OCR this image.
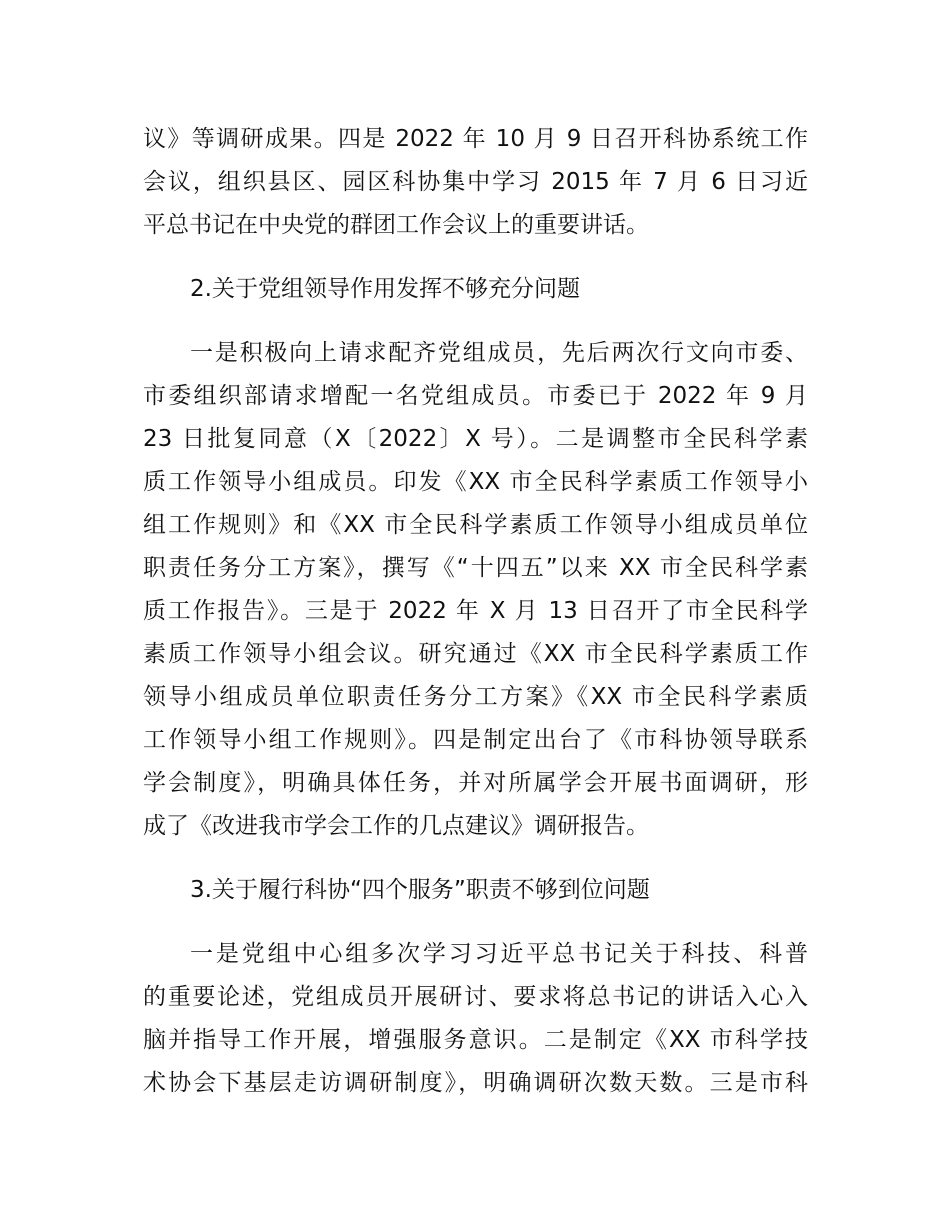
议》等调研成果。四是 2022 年 10 月 9 日召开科协系统工作
会议，组织县区、园区科协集中学习 2015 年 7 月 6 日习近
平总书记在中央党的群团工作会议上的重要讲话。
2.关于党组领导作用发挥不够充分问题
一是积极向上请求配齐党组成员，先后两次行文向市委、
市委组织部请求增配一名党组成员。市委已于 2022 年 9 月
23 日批复同意（X〔2022〕X 号）。二是调整市全民科学素
质工作领导小组成员。印发《XX 市全民科学素质工作领导小
组工作规则》和《XX 市全民科学素质工作领导小组成员单位
职责任务分工方案》，撰写《“十四五”以来 XX 市全民科学素
质工作报告》。三是于 2022 年 X 月 13 日召开了市全民科学
素质工作领导小组会议。研究通过《XX 市全民科学素质工作
领导小组成员单位职责任务分工方案》《XX 市全民科学素质
工作领导小组工作规则》。四是制定出台了《市科协领导联系
学会制度》，明确具体任务，并对所属学会开展书面调研，形
成了《改进我市学会工作的几点建议》调研报告。
3.关于履行科协“四个服务”职责不够到位问题
一是党组中心组多次学习习近平总书记关于科技、科普
的重要论述，党组成员开展研讨、要求将总书记的讲话入心入
脑并指导工作开展，增强服务意识。二是制定《XX 市科学技
术协会下基层走访调研制度》，明确调研次数天数。三是市科
